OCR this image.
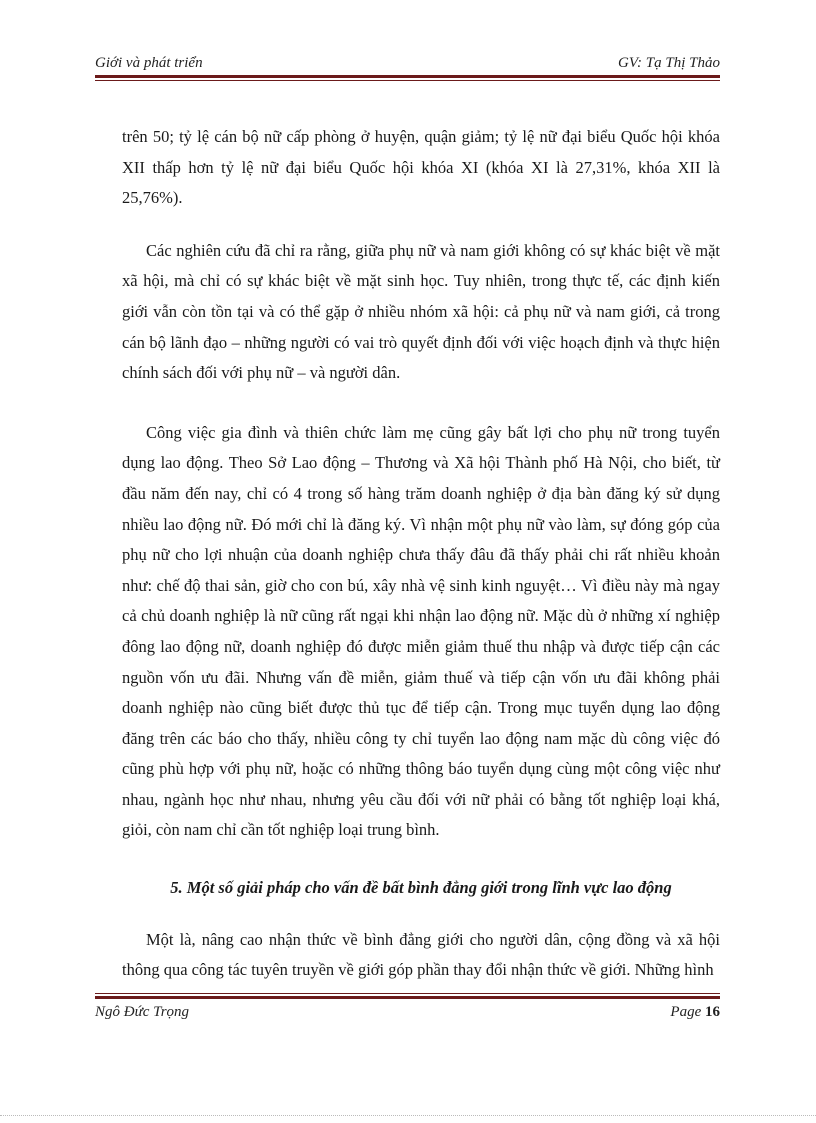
Giới và phát triển	GV: Tạ Thị Thảo

trên 50; tỷ lệ cán bộ nữ cấp phòng ở huyện, quận giảm; tỷ lệ nữ đại biểu Quốc hội khóa XII thấp hơn tỷ lệ nữ đại biểu Quốc hội khóa XI (khóa XI là 27,31%, khóa XII là 25,76%).

Các nghiên cứu đã chỉ ra rằng, giữa phụ nữ và nam giới không có sự khác biệt về mặt xã hội, mà chỉ có sự khác biệt về mặt sinh học. Tuy nhiên, trong thực tế, các định kiến giới vẫn còn tồn tại và có thể gặp ở nhiều nhóm xã hội: cả phụ nữ và nam giới, cả trong cán bộ lãnh đạo – những người có vai trò quyết định đối với việc hoạch định và thực hiện chính sách đối với phụ nữ – và người dân.

Công việc gia đình và thiên chức làm mẹ cũng gây bất lợi cho phụ nữ trong tuyển dụng lao động. Theo Sở Lao động – Thương và Xã hội Thành phố Hà Nội, cho biết, từ đầu năm đến nay, chỉ có 4 trong số hàng trăm doanh nghiệp ở địa bàn đăng ký sử dụng nhiều lao động nữ. Đó mới chỉ là đăng ký. Vì nhận một phụ nữ vào làm, sự đóng góp của phụ nữ cho lợi nhuận của doanh nghiệp chưa thấy đâu đã thấy phải chi rất nhiều khoản như: chế độ thai sản, giờ cho con bú, xây nhà vệ sinh kinh nguyệt… Vì điều này mà ngay cả chủ doanh nghiệp là nữ cũng rất ngại khi nhận lao động nữ. Mặc dù ở những xí nghiệp đông lao động nữ, doanh nghiệp đó được miễn giảm thuế thu nhập và được tiếp cận các nguồn vốn ưu đãi. Nhưng vấn đề miễn, giảm thuế và tiếp cận vốn ưu đãi không phải doanh nghiệp nào cũng biết được thủ tục để tiếp cận. Trong mục tuyển dụng lao động đăng trên các báo cho thấy, nhiều công ty chỉ tuyển lao động nam mặc dù công việc đó cũng phù hợp với phụ nữ, hoặc có những thông báo tuyển dụng cùng một công việc như nhau, ngành học như nhau, nhưng yêu cầu đối với nữ phải có bằng tốt nghiệp loại khá, giỏi, còn nam chỉ cần tốt nghiệp loại trung bình.

5. Một số giải pháp cho vấn đề bất bình đẳng giới trong lĩnh vực lao động

Một là, nâng cao nhận thức về bình đẳng giới cho người dân, cộng đồng và xã hội thông qua công tác tuyên truyền về giới góp phần thay đổi nhận thức về giới. Những hình

Ngô Đức Trọng	Page 16
